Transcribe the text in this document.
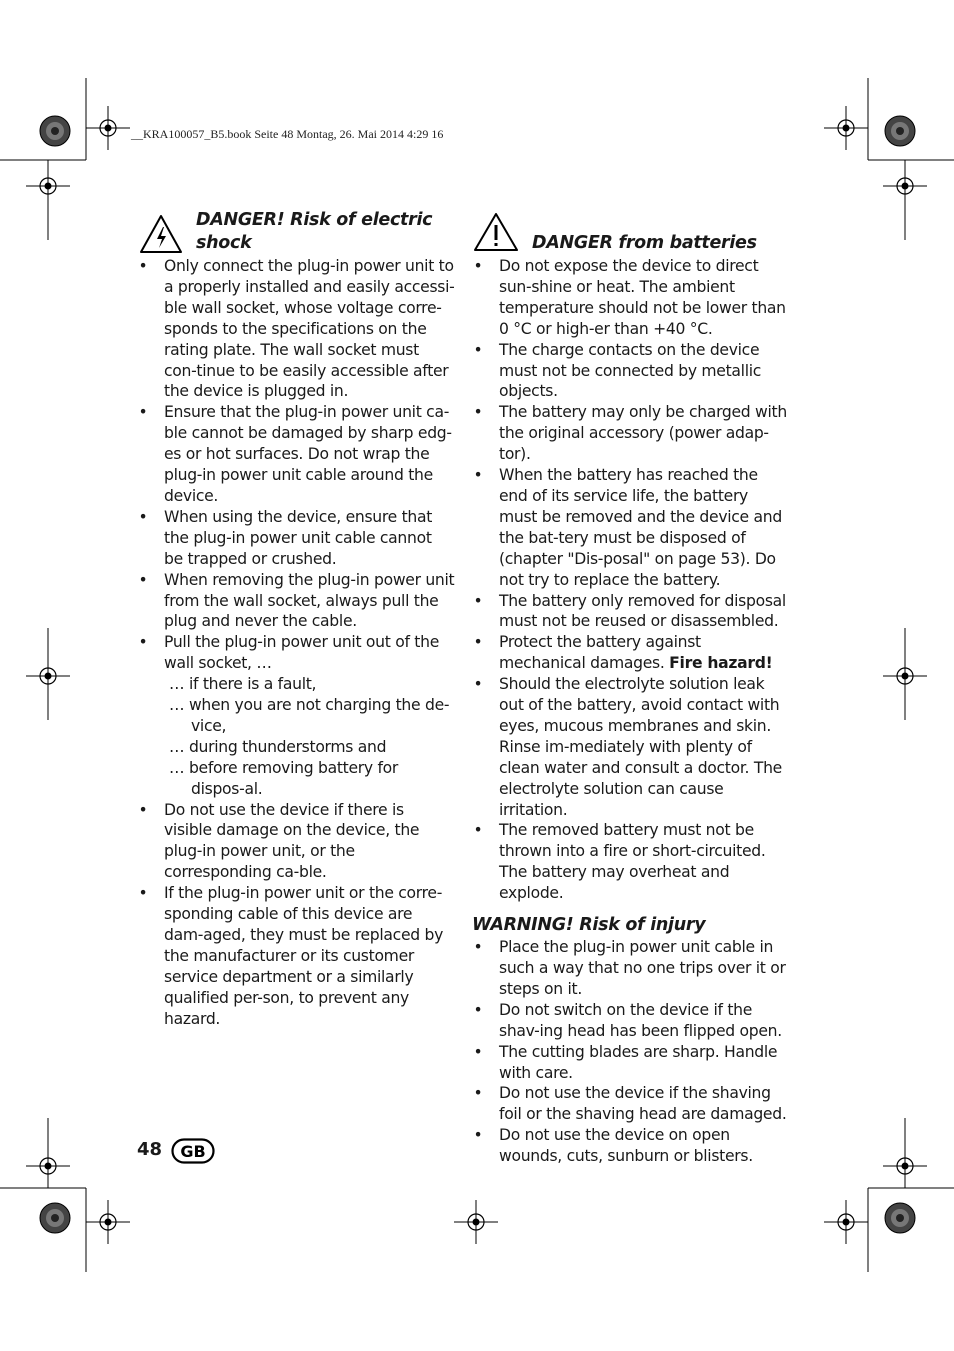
__KRA100057_B5.book Seite 48 Montag, 26. Mai 2014 4:29 16
DANGER! Risk of electric shock	DANGER from batteries
• Only connect the plug-in power unit to a properly installed and easily accessi-ble wall socket, whose voltage corre-sponds to the specifications on the rating plate. The wall socket must con-tinue to be easily accessible after the device is plugged in.
• Ensure that the plug-in power unit ca-ble cannot be damaged by sharp edg-es or hot surfaces. Do not wrap the plug-in power unit cable around the device.
• When using the device, ensure that the plug-in power unit cable cannot be trapped or crushed.
• When removing the plug-in power unit from the wall socket, always pull the plug and never the cable.
• Pull the plug-in power unit out of the wall socket, …
… if there is a fault,
… when you are not charging the de-vice,
… during thunderstorms and
… before removing battery for dispos-al.
• Do not use the device if there is visible damage on the device, the plug-in power unit, or the corresponding ca-ble.
• If the plug-in power unit or the corre-sponding cable of this device are dam-aged, they must be replaced by the manufacturer or its customer service department or a similarly qualified per-son, to prevent any hazard.
• Do not expose the device to direct sun-shine or heat. The ambient temperature should not be lower than 0 °C or high-er than +40 °C.
• The charge contacts on the device must not be connected by metallic objects.
• The battery may only be charged with the original accessory (power adap-tor).
• When the battery has reached the end of its service life, the battery must be removed and the device and the bat-tery must be disposed of (chapter "Dis-posal" on page 53). Do not try to replace the battery.
• The battery only removed for disposal must not be reused or disassembled.
• Protect the battery against mechanical damages. Fire hazard!
• Should the electrolyte solution leak out of the battery, avoid contact with eyes, mucous membranes and skin. Rinse im-mediately with plenty of clean water and consult a doctor. The electrolyte solution can cause irritation.
• The removed battery must not be thrown into a fire or short-circuited. The battery may overheat and explode.
WARNING! Risk of injury
• Place the plug-in power unit cable in such a way that no one trips over it or steps on it.
• Do not switch on the device if the shav-ing head has been flipped open.
• The cutting blades are sharp. Handle with care.
• Do not use the device if the shaving foil or the shaving head are damaged.
• Do not use the device on open wounds, cuts, sunburn or blisters.
48 GB
